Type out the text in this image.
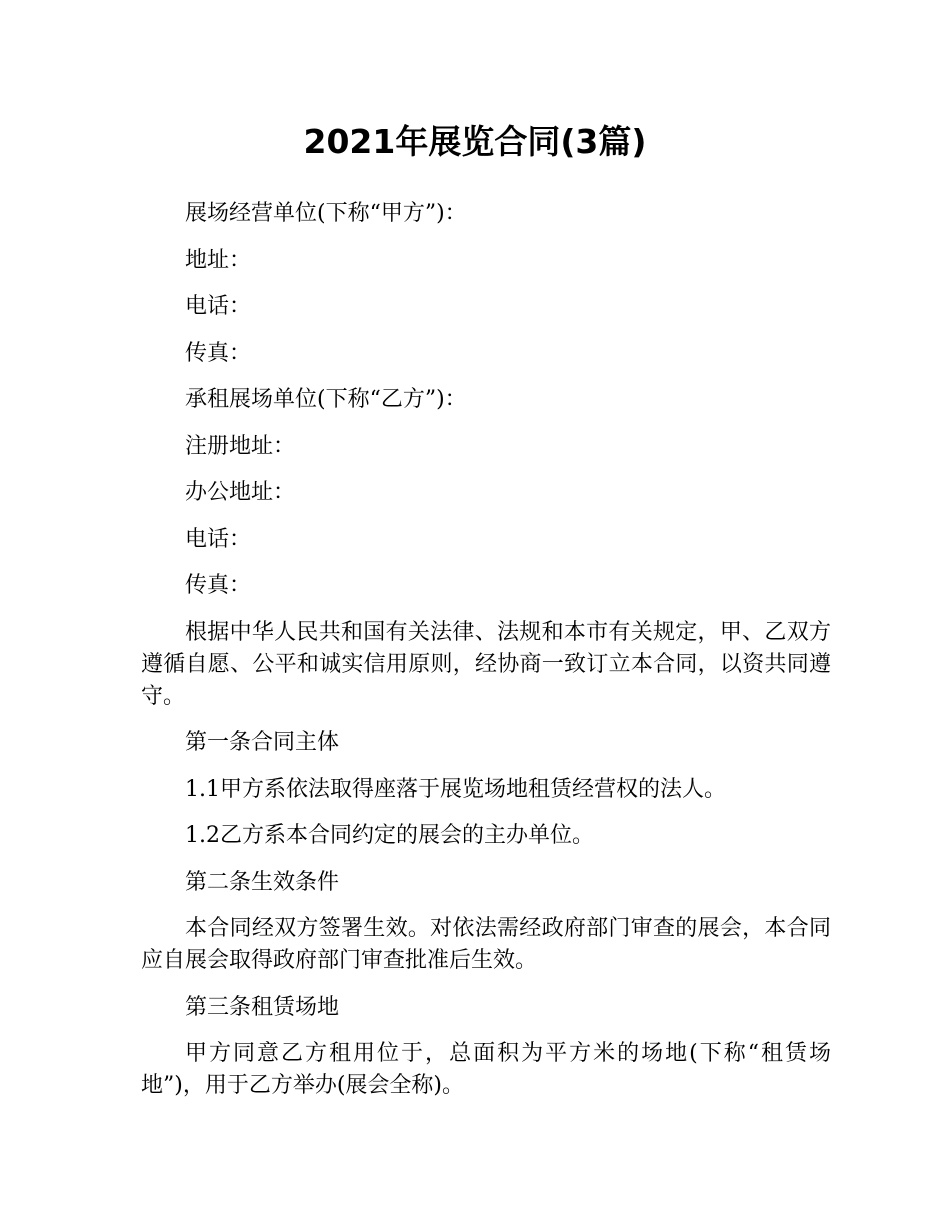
2021年展览合同(3篇)

展场经营单位(下称“甲方”)：

地址：

电话：

传真：

承租展场单位(下称“乙方”)：

注册地址：

办公地址：

电话：

传真：

根据中华人民共和国有关法律、法规和本市有关规定，甲、乙双方遵循自愿、公平和诚实信用原则，经协商一致订立本合同，以资共同遵守。

第一条合同主体

1.1甲方系依法取得座落于展览场地租赁经营权的法人。

1.2乙方系本合同约定的展会的主办单位。

第二条生效条件

本合同经双方签署生效。对依法需经政府部门审查的展会，本合同应自展会取得政府部门审查批准后生效。

第三条租赁场地

甲方同意乙方租用位于，总面积为平方米的场地(下称“租赁场地”)，用于乙方举办(展会全称)。
